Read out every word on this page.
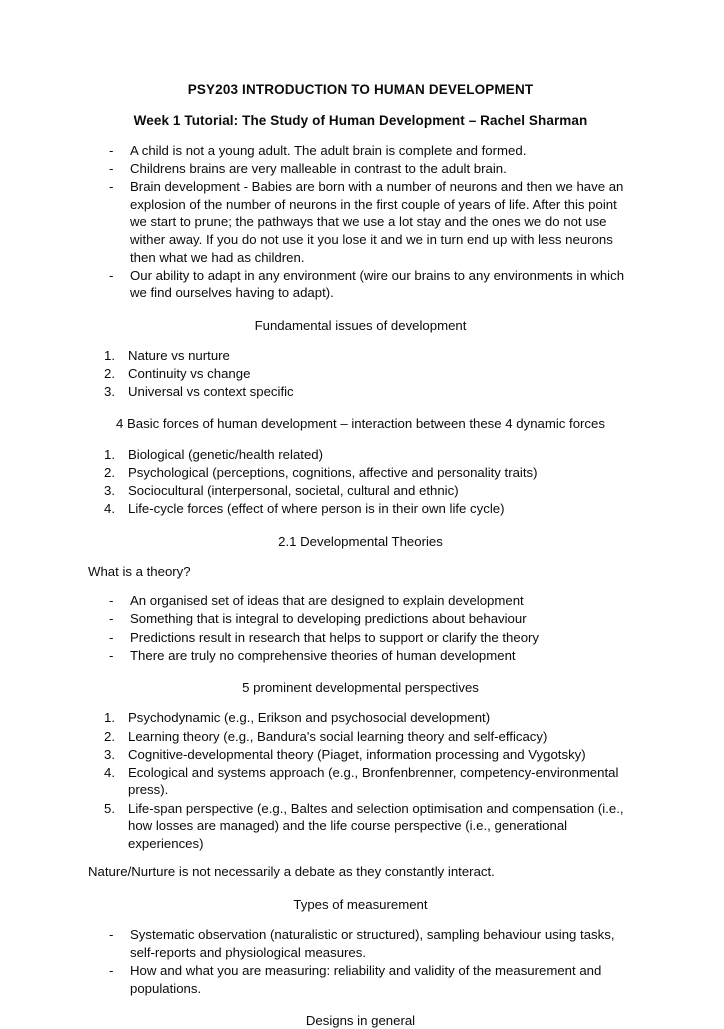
PSY203 INTRODUCTION TO HUMAN DEVELOPMENT
Week 1 Tutorial: The Study of Human Development – Rachel Sharman
-	A child is not a young adult. The adult brain is complete and formed.
-	Childrens brains are very malleable in contrast to the adult brain.
-	Brain development - Babies are born with a number of neurons and then we have an explosion of the number of neurons in the first couple of years of life. After this point we start to prune; the pathways that we use a lot stay and the ones we do not use wither away. If you do not use it you lose it and we in turn end up with less neurons then what we had as children.
-	Our ability to adapt in any environment (wire our brains to any environments in which we find ourselves having to adapt).
Fundamental issues of development
1. Nature vs nurture
2. Continuity vs change
3. Universal vs context specific

4 Basic forces of human development – interaction between these 4 dynamic forces

1. Biological (genetic/health related)
2. Psychological (perceptions, cognitions, affective and personality traits)
3. Sociocultural (interpersonal, societal, cultural and ethnic)
4. Life-cycle forces (effect of where person is in their own life cycle)
2.1 Developmental Theories

What is a theory?

-	An organised set of ideas that are designed to explain development
-	Something that is integral to developing predictions about behaviour
-	Predictions result in research that helps to support or clarify the theory
-	There are truly no comprehensive theories of human development
5 prominent developmental perspectives
1. Psychodynamic (e.g., Erikson and psychosocial development)
2. Learning theory (e.g., Bandura's social learning theory and self-efficacy)
3. Cognitive-developmental theory (Piaget, information processing and Vygotsky)
4. Ecological and systems approach (e.g., Bronfenbrenner, competency-environmental press).
5. Life-span perspective (e.g., Baltes and selection optimisation and compensation (i.e., how losses are managed) and the life course perspective (i.e., generational experiences)

Nature/Nurture is not necessarily a debate as they constantly interact.

Types of measurement
-	Systematic observation (naturalistic or structured), sampling behaviour using tasks, self-reports and physiological measures.
-	How and what you are measuring: reliability and validity of the measurement and populations.
Designs in general
